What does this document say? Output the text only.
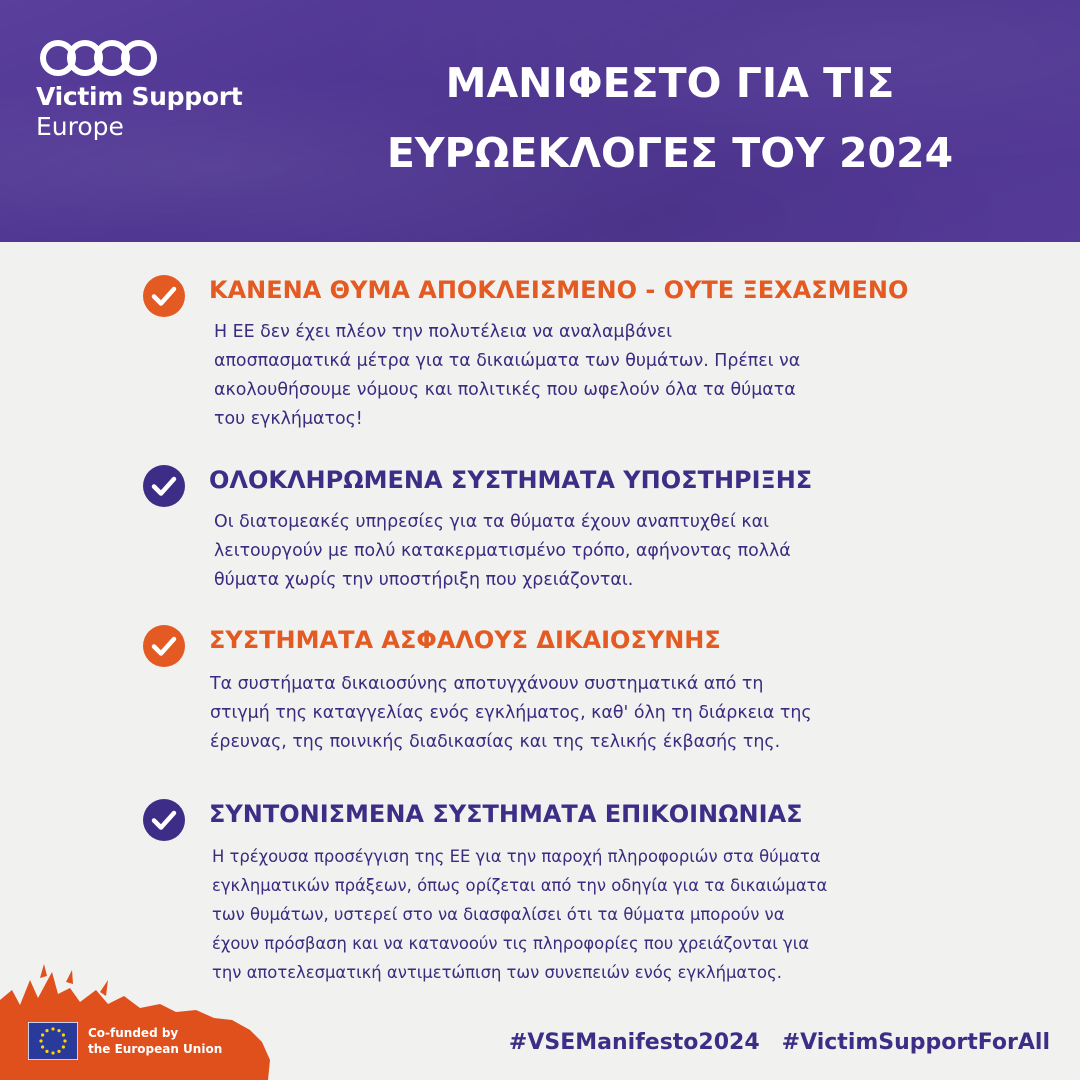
Victim Support
Europe
ΜΑΝΙΦΕΣΤΟ ΓΙΑ ΤΙΣ
ΕΥΡΩΕΚΛΟΓΕΣ ΤΟΥ 2024
ΚΑΝΕΝΑ ΘΥΜΑ ΑΠΟΚΛΕΙΣΜΕΝΟ - ΟΥΤΕ ΞΕΧΑΣΜΕΝΟ
Η ΕΕ δεν έχει πλέον την πολυτέλεια να αναλαμβάνει
αποσπασματικά μέτρα για τα δικαιώματα των θυμάτων. Πρέπει να
ακολουθήσουμε νόμους και πολιτικές που ωφελούν όλα τα θύματα
του εγκλήματος!
ΟΛΟΚΛΗΡΩΜΕΝΑ ΣΥΣΤΗΜΑΤΑ ΥΠΟΣΤΗΡΙΞΗΣ
Οι διατομεακές υπηρεσίες για τα θύματα έχουν αναπτυχθεί και
λειτουργούν με πολύ κατακερματισμένο τρόπο, αφήνοντας πολλά
θύματα χωρίς την υποστήριξη που χρειάζονται.
ΣΥΣΤΗΜΑΤΑ ΑΣΦΑΛΟΥΣ ΔΙΚΑΙΟΣΥΝΗΣ
Τα συστήματα δικαιοσύνης αποτυγχάνουν συστηματικά από τη
στιγμή της καταγγελίας ενός εγκλήματος, καθ' όλη τη διάρκεια της
έρευνας, της ποινικής διαδικασίας και της τελικής έκβασής της.
ΣΥΝΤΟΝΙΣΜΕΝΑ ΣΥΣΤΗΜΑΤΑ ΕΠΙΚΟΙΝΩΝΙΑΣ
Η τρέχουσα προσέγγιση της ΕΕ για την παροχή πληροφοριών στα θύματα
εγκληματικών πράξεων, όπως ορίζεται από την οδηγία για τα δικαιώματα
των θυμάτων, υστερεί στο να διασφαλίσει ότι τα θύματα μπορούν να
έχουν πρόσβαση και να κατανοούν τις πληροφορίες που χρειάζονται για
την αποτελεσματική αντιμετώπιση των συνεπειών ενός εγκλήματος.
Co-funded by
the European Union	#VSEManifesto2024 #VictimSupportForAll
